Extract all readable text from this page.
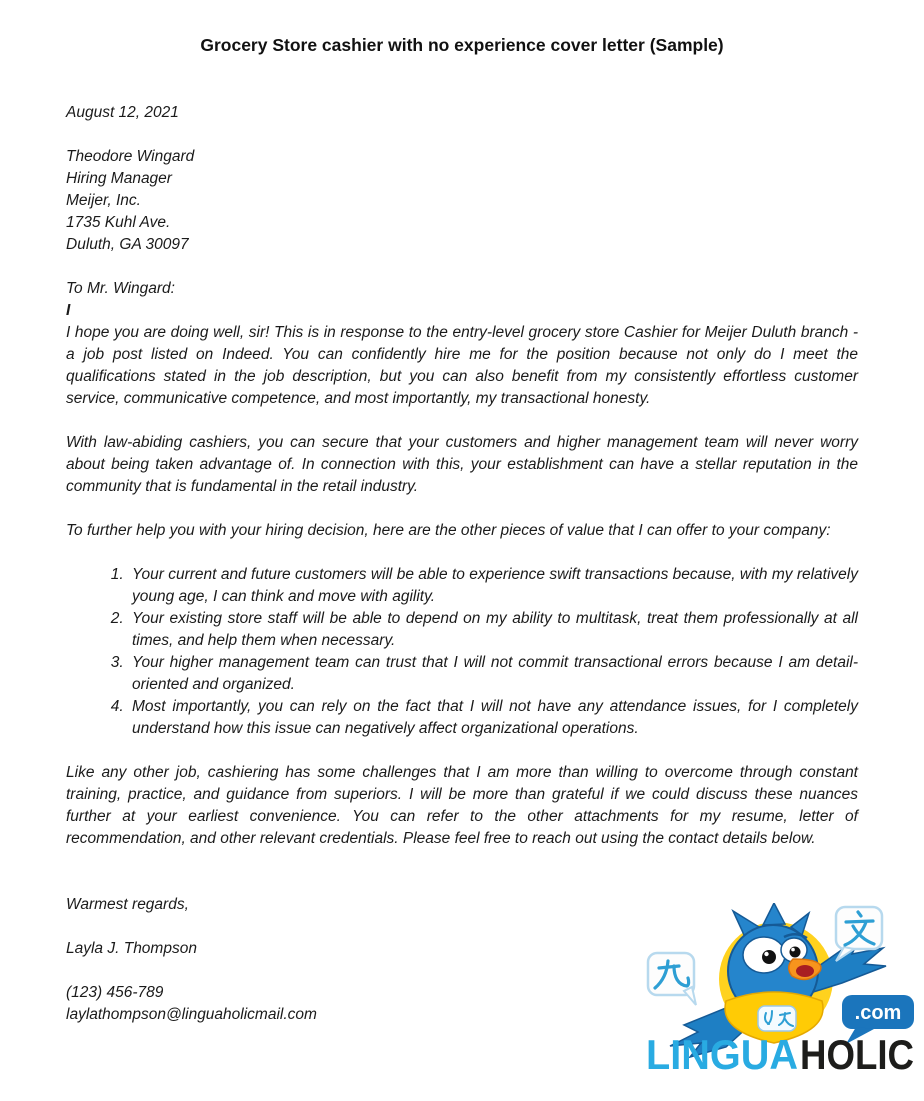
Grocery Store cashier with no experience cover letter (Sample)

August 12, 2021

Theodore Wingard
Hiring Manager
Meijer, Inc.
1735 Kuhl Ave.
Duluth, GA 30097

To Mr. Wingard:

I

I hope you are doing well, sir! This is in response to the entry-level grocery store Cashier for Meijer Duluth branch - a job post listed on Indeed. You can confidently hire me for the position because not only do I meet the qualifications stated in the job description, but you can also benefit from my consistently effortless customer service, communicative competence, and most importantly, my transactional honesty.

With law-abiding cashiers, you can secure that your customers and higher management team will never worry about being taken advantage of. In connection with this, your establishment can have a stellar reputation in the community that is fundamental in the retail industry.

To further help you with your hiring decision, here are the other pieces of value that I can offer to your company:

1. Your current and future customers will be able to experience swift transactions because, with my relatively young age, I can think and move with agility.
2. Your existing store staff will be able to depend on my ability to multitask, treat them professionally at all times, and help them when necessary.
3. Your higher management team can trust that I will not commit transactional errors because I am detail-oriented and organized.
4. Most importantly, you can rely on the fact that I will not have any attendance issues, for I completely understand how this issue can negatively affect organizational operations.

Like any other job, cashiering has some challenges that I am more than willing to overcome through constant training, practice, and guidance from superiors. I will be more than grateful if we could discuss these nuances further at your earliest convenience. You can refer to the other attachments for my resume, letter of recommendation, and other relevant credentials. Please feel free to reach out using the contact details below.

Warmest regards,

Layla J. Thompson

(123) 456-789
laylathompson@linguaholicmail.com	.com
LINGUA HOLIC
